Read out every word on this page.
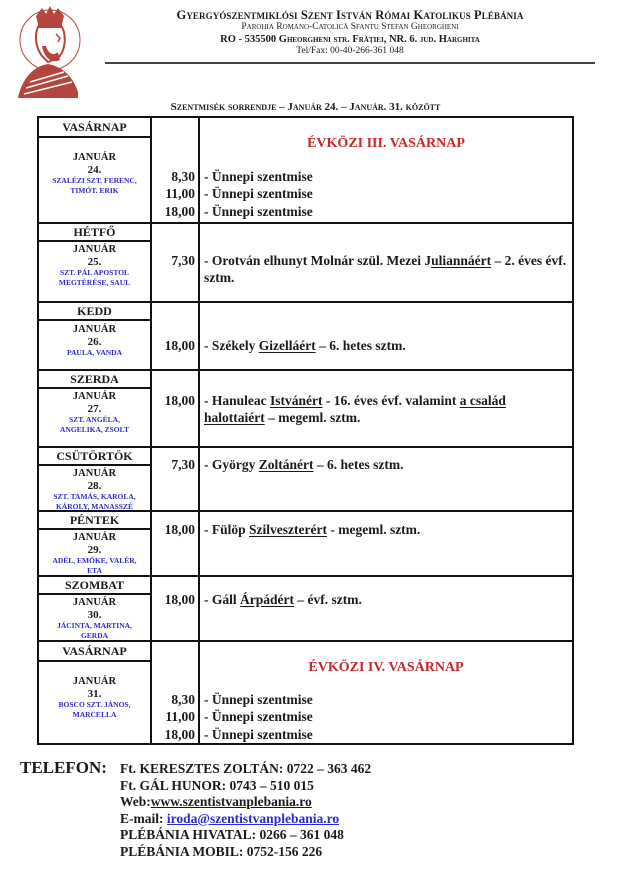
Gyergyószentmiklósi Szent István Római Katolikus Plébánia
Parohia Romano-Catolică Sfantu Stefan Gheorgheni
RO - 535500 Gheorgheni str. Frăţiei, NR. 6. jud. Harghita
Tel/Fax: 00-40-266-361 048
Szentmisék sorrendje – Január 24. – Január. 31. között
VASÁRNAP
JANUÁR
24.
SZALÉZI SZT. FERENC,
TIMÓT. ERIK
8,30
11,00
18,00
ÉVKÖZI III. VASÁRNAP
- Ünnepi szentmise
- Ünnepi szentmise
- Ünnepi szentmise
HÉTFŐ
JANUÁR
25.
SZT. PÁL APOSTOL
MEGTÉRÉSE, SAUL
7,30 - Orotván elhunyt Molnár szül. Mezei Juliannáért – 2. éves évf. sztm.
KEDD
JANUÁR
26.
PAULA, VANDA	18,00 - Székely Gizelláért – 6. hetes sztm.
SZERDA
JANUÁR
27.
SZT. ANGÉLA,
ANGELIKA, ZSOLT
18,00 - Hanuleac Istvánért - 16. éves évf. valamint a család halottaiért – megeml. sztm.
CSÜTÖRTÖK
JANUÁR
28.
SZT. TAMÁS, KAROLA,
KÁROLY, MANASSZÉ
7,30 - György Zoltánért – 6. hetes sztm.
PÉNTEK
JANUÁR
29.
ADÉL, EMŐKE, VALÉR,
ETA
18,00 - Fülöp Szilveszterért - megeml. sztm.
SZOMBAT
JANUÁR
30.
JÁCINTA, MARTINA,
GERDA
18,00 - Gáll Árpádért – évf. sztm.
VASÁRNAP
JANUÁR
31.
BOSCO SZT. JÁNOS,
MARCELLA
8,30
11,00
18,00
ÉVKÖZI IV. VASÁRNAP
- Ünnepi szentmise
- Ünnepi szentmise
- Ünnepi szentmise
TELEFON: Ft. KERESZTES ZOLTÁN: 0722 – 363 462
Ft. GÁL HUNOR: 0743 – 510 015
Web:www.szentistvanplebania.ro
E-mail: iroda@szentistvanplebania.ro
PLÉBÁNIA HIVATAL: 0266 – 361 048
PLÉBÁNIA MOBIL: 0752-156 226
